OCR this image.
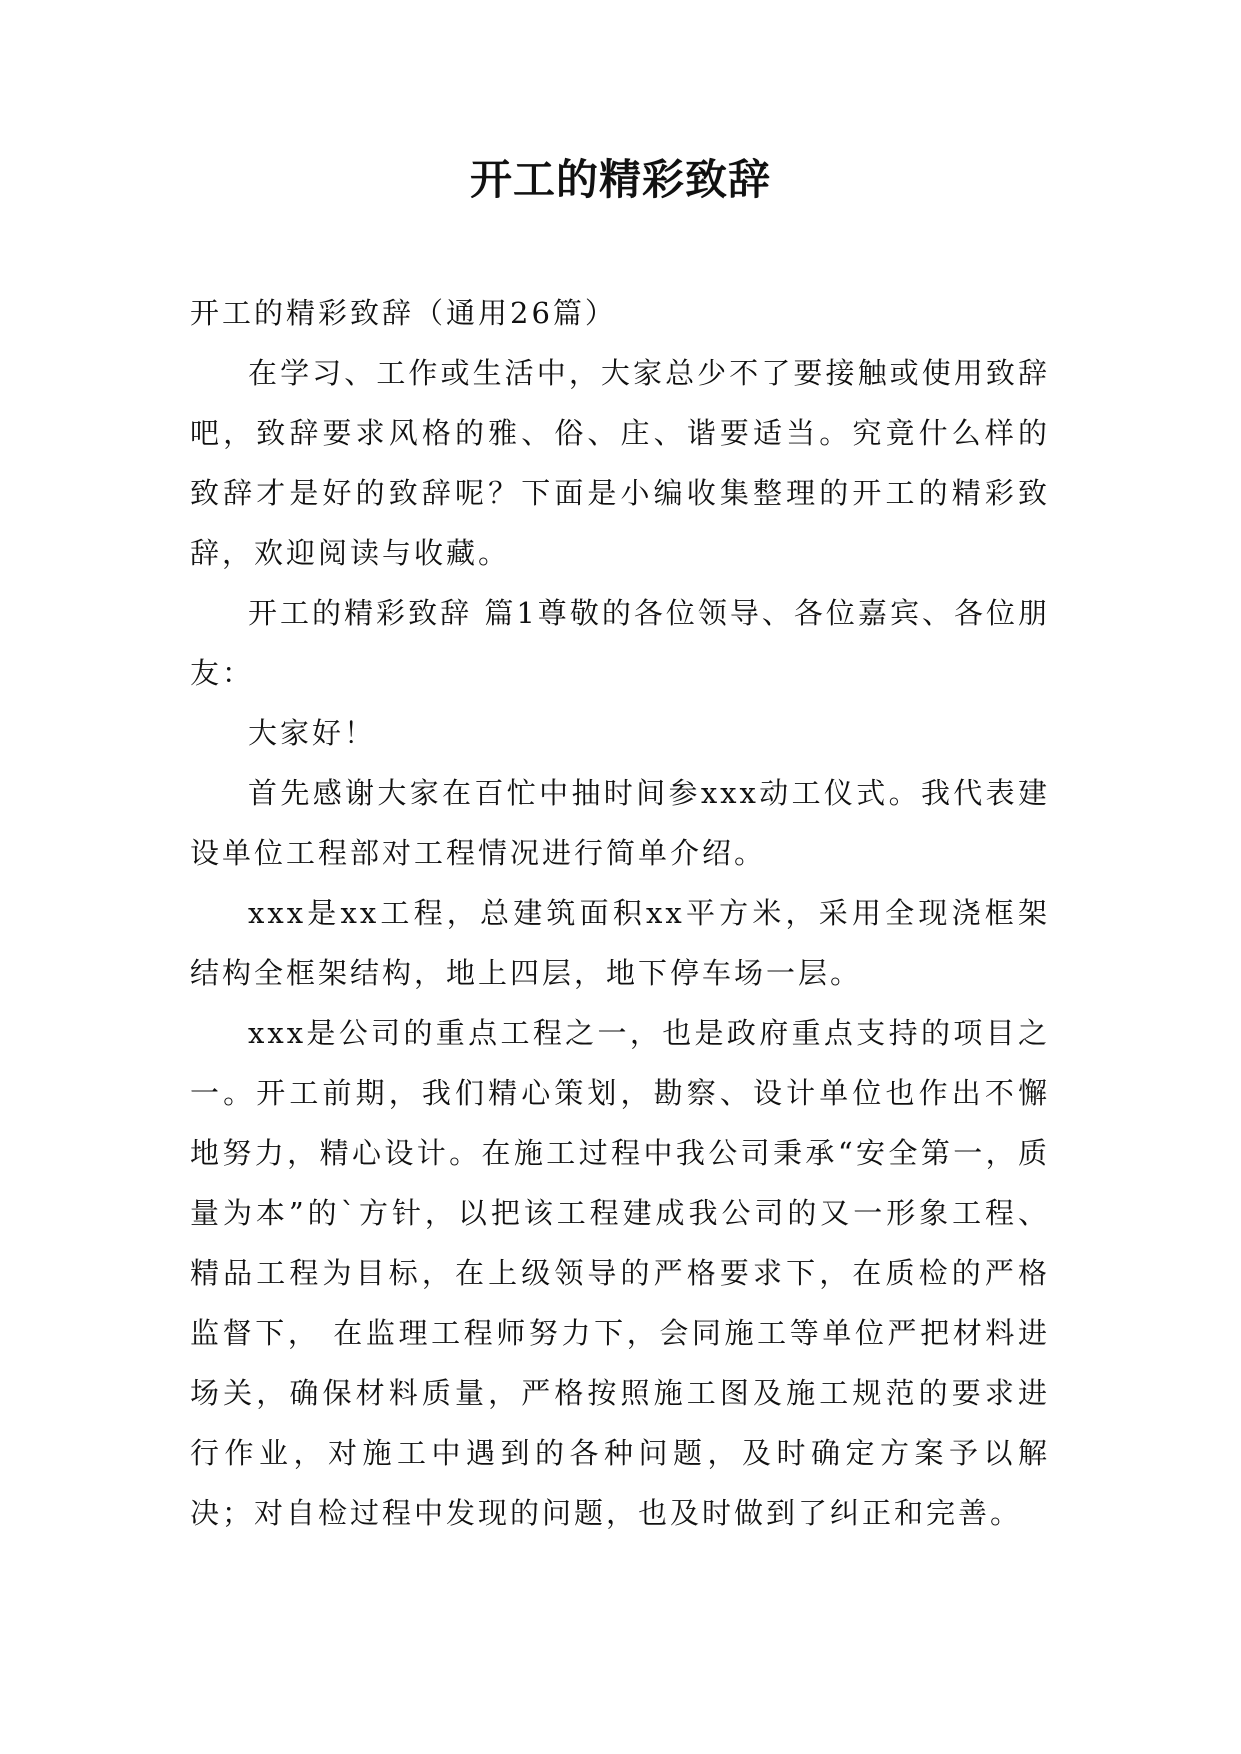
开工的精彩致辞

开工的精彩致辞（通用26篇）

在学习、工作或生活中，大家总少不了要接触或使用致辞吧，致辞要求风格的雅、俗、庄、谐要适当。究竟什么样的致辞才是好的致辞呢？下面是小编收集整理的开工的精彩致辞，欢迎阅读与收藏。

开工的精彩致辞 篇1尊敬的各位领导、各位嘉宾、各位朋友：

大家好！

首先感谢大家在百忙中抽时间参xxx动工仪式。我代表建设单位工程部对工程情况进行简单介绍。

xxx是xx工程，总建筑面积xx平方米，采用全现浇框架结构全框架结构，地上四层，地下停车场一层。

xxx是公司的重点工程之一，也是政府重点支持的项目之一。开工前期，我们精心策划，勘察、设计单位也作出不懈地努力，精心设计。在施工过程中我公司秉承“安全第一，质量为本”的`方针，以把该工程建成我公司的又一形象工程、精品工程为目标，在上级领导的严格要求下，在质检的严格监督下， 在监理工程师努力下，会同施工等单位严把材料进场关，确保材料质量，严格按照施工图及施工规范的要求进行作业，对施工中遇到的各种问题，及时确定方案予以解决；对自检过程中发现的问题，也及时做到了纠正和完善。
